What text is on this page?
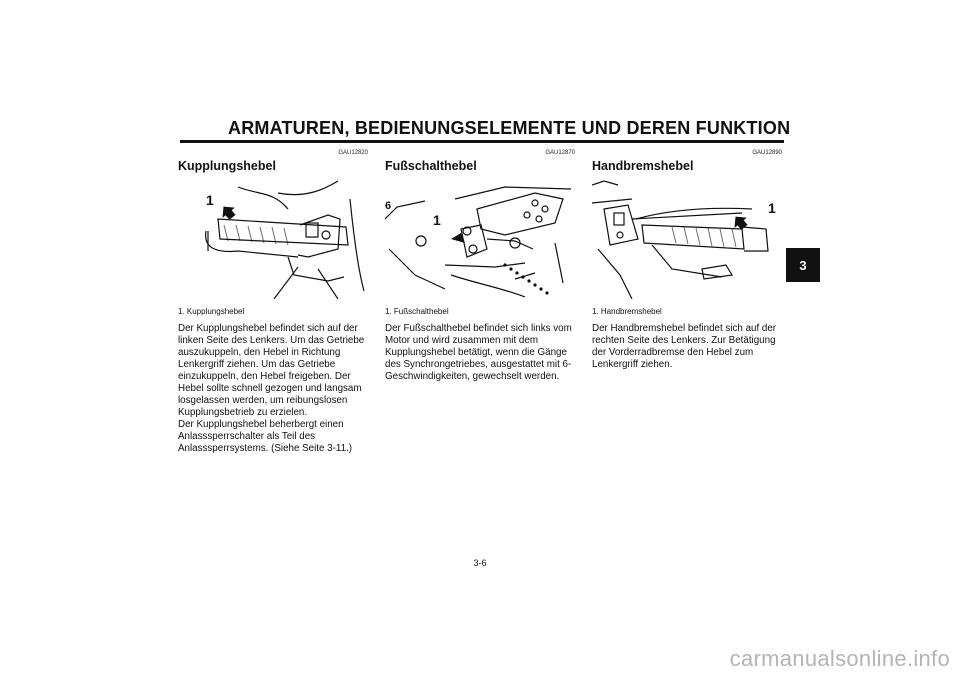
ARMATUREN, BEDIENUNGSELEMENTE UND DEREN FUNKTION
3
GAU12820
Kupplungshebel
1
1. Kupplungshebel

Der Kupplungshebel befindet sich auf der linken Seite des Lenkers. Um das Getriebe auszukuppeln, den Hebel in Richtung Lenkergriff ziehen. Um das Getriebe einzukuppeln, den Hebel freigeben. Der Hebel sollte schnell gezogen und langsam losgelassen werden, um reibungslosen Kupplungsbetrieb zu erzielen.

Der Kupplungshebel beherbergt einen Anlasssperrschalter als Teil des Anlasssperrsystems. (Siehe Seite 3-11.)

GAU12870
Fußschalthebel
6
1
1. Fußschalthebel

Der Fußschalthebel befindet sich links vom Motor und wird zusammen mit dem Kupplungshebel betätigt, wenn die Gänge des Synchrongetriebes, ausgestattet mit 6-Geschwindigkeiten, gewechselt werden.

GAU12890
Handbremshebel
1
1. Handbremshebel

Der Handbremshebel befindet sich auf der rechten Seite des Lenkers. Zur Betätigung der Vorderradbremse den Hebel zum Lenkergriff ziehen.

3-6
carmanualsonline.info
